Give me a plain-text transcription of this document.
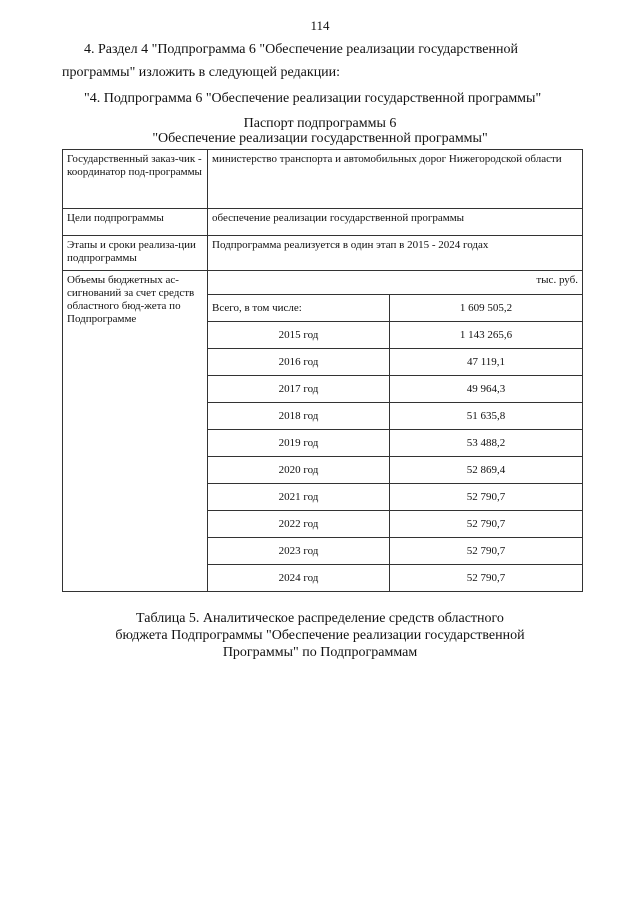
114
4. Раздел 4 "Подпрограмма 6 "Обеспечение реализации государственной программы" изложить в следующей редакции:
"4. Подпрограмма 6 "Обеспечение реализации государственной программы"
Паспорт подпрограммы 6
"Обеспечение реализации государственной программы"
Государственный заказ-чик - координатор под-программы	министерство транспорта и автомобильных дорог Нижегородской области	
Цели подпрограммы	обеспечение реализации государственной программы	
Этапы и сроки реализа-ции подпрограммы	Подпрограмма реализуется в один этап в 2015 - 2024 годах	
Объемы бюджетных ас-сигнований за счет средств областного бюд-жета по Подпрограмме	тыс. руб.	
	Всего, в том числе:	1 609 505,2
	2015 год	1 143 265,6
	2016 год	47 119,1
	2017 год	49 964,3
	2018 год	51 635,8
	2019 год	53 488,2
	2020 год	52 869,4
	2021 год	52 790,7
	2022 год	52 790,7
	2023 год	52 790,7
	2024 год	52 790,7
Таблица 5. Аналитическое распределение средств областного
бюджета Подпрограммы "Обеспечение реализации государственной
Программы" по Подпрограммам
